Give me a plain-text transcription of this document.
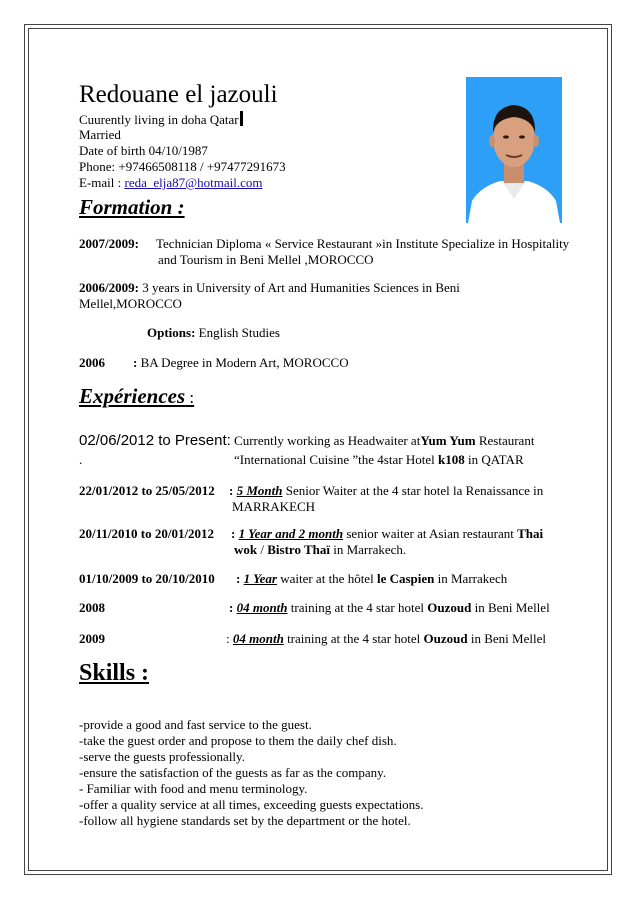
Redouane el jazouli
Cuurently living in doha Qatar
Married
Date of birth 04/10/1987
Phone: +97466508118 / +97477291673
E-mail : reda_elja87@hotmail.com
Formation :
2007/2009: Technician Diploma « Service Restaurant »in Institute Specialize in Hospitality
and Tourism in Beni Mellel ,MOROCCO
2006/2009: 3 years in University of Art and Humanities Sciences in Beni
Mellel,MOROCCO
Options: English Studies
2006 : BA Degree in Modern Art, MOROCCO
Expériences :
02/06/2012 to Present: Currently working as Headwaiter atYum Yum Restaurant
.	“International Cuisine ”the 4star Hotel k108 in QATAR
22/01/2012 to 25/05/2012 : 5 Month Senior Waiter at the 4 star hotel la Renaissance in
MARRAKECH
20/11/2010 to 20/01/2012 : 1 Year and 2 month senior waiter at Asian restaurant Thai
wok / Bistro Thaï in Marrakech.
01/10/2009 to 20/10/2010 : 1 Year waiter at the hôtel le Caspien in Marrakech
2008	: 04 month training at the 4 star hotel Ouzoud in Beni Mellel
2009	: 04 month training at the 4 star hotel Ouzoud in Beni Mellel
Skills :
-provide a good and fast service to the guest.
-take the guest order and propose to them the daily chef dish.
-serve the guests professionally.
-ensure the satisfaction of the guests as far as the company.
- Familiar with food and menu terminology.
-offer a quality service at all times, exceeding guests expectations.
-follow all hygiene standards set by the department or the hotel.
